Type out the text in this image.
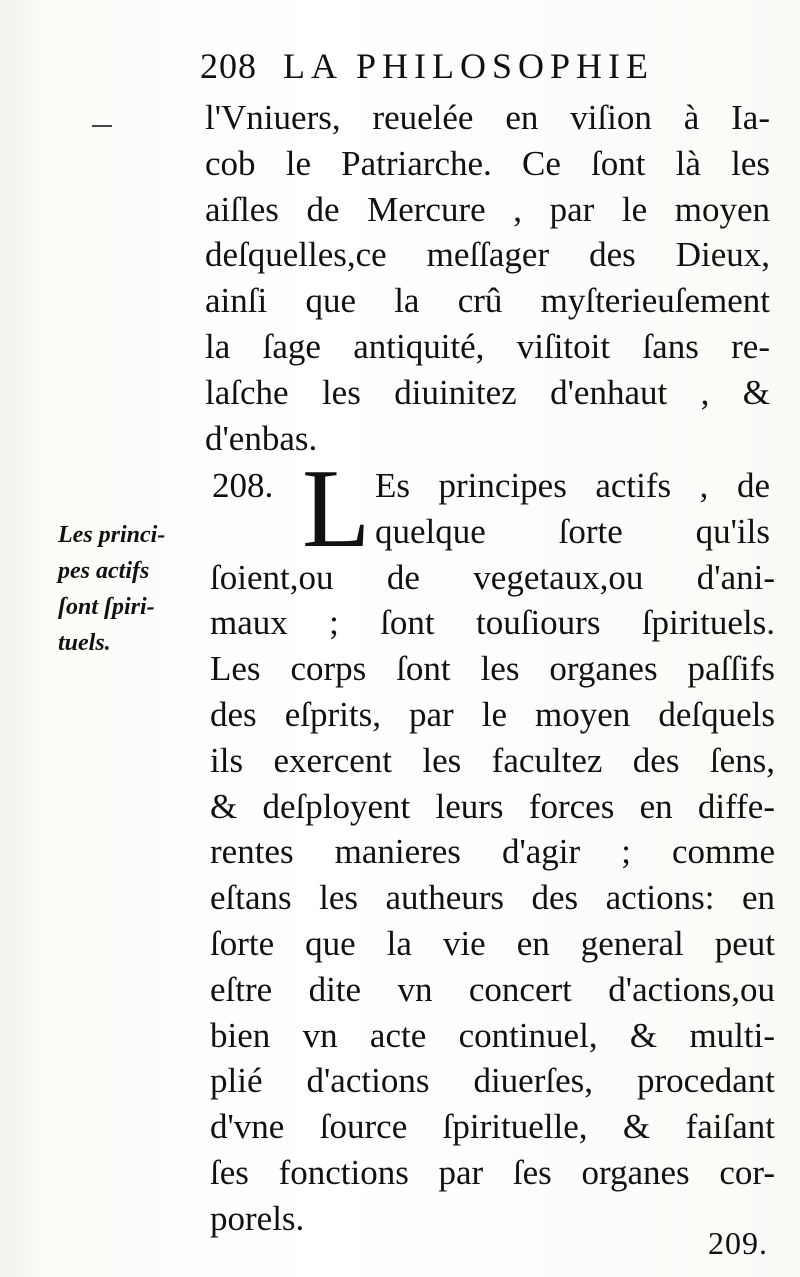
208 LA PHILOSOPHIE
l'Vniuers, reuelée en viſion à Ia-
cob le Patriarche. Ce ſont là les
aiſles de Mercure , par le moyen
deſquelles,ce meſſager des Dieux,
ainſi que la crû myſterieuſement
la ſage antiquité, viſitoit ſans re-
laſche les diuinitez d'enhaut , &
d'enbas.
208. L Es principes actifs , de
quelque ſorte qu'ils
ſoient,ou de vegetaux,ou d'ani-
maux ; ſont touſiours ſpirituels.
Les corps ſont les organes paſſifs
des eſprits, par le moyen deſquels
ils exercent les facultez des ſens,
& deſployent leurs forces en diffe-
rentes manieres d'agir ; comme
eſtans les autheurs des actions: en
ſorte que la vie en general peut
eſtre dite vn concert d'actions,ou
bien vn acte continuel, & multi-
plié d'actions diuerſes, procedant
d'vne ſource ſpirituelle, & faiſant
ſes fonctions par ſes organes cor-
porels.
Les princi-
pes actifs
ſont ſpiri-
tuels.
209.
